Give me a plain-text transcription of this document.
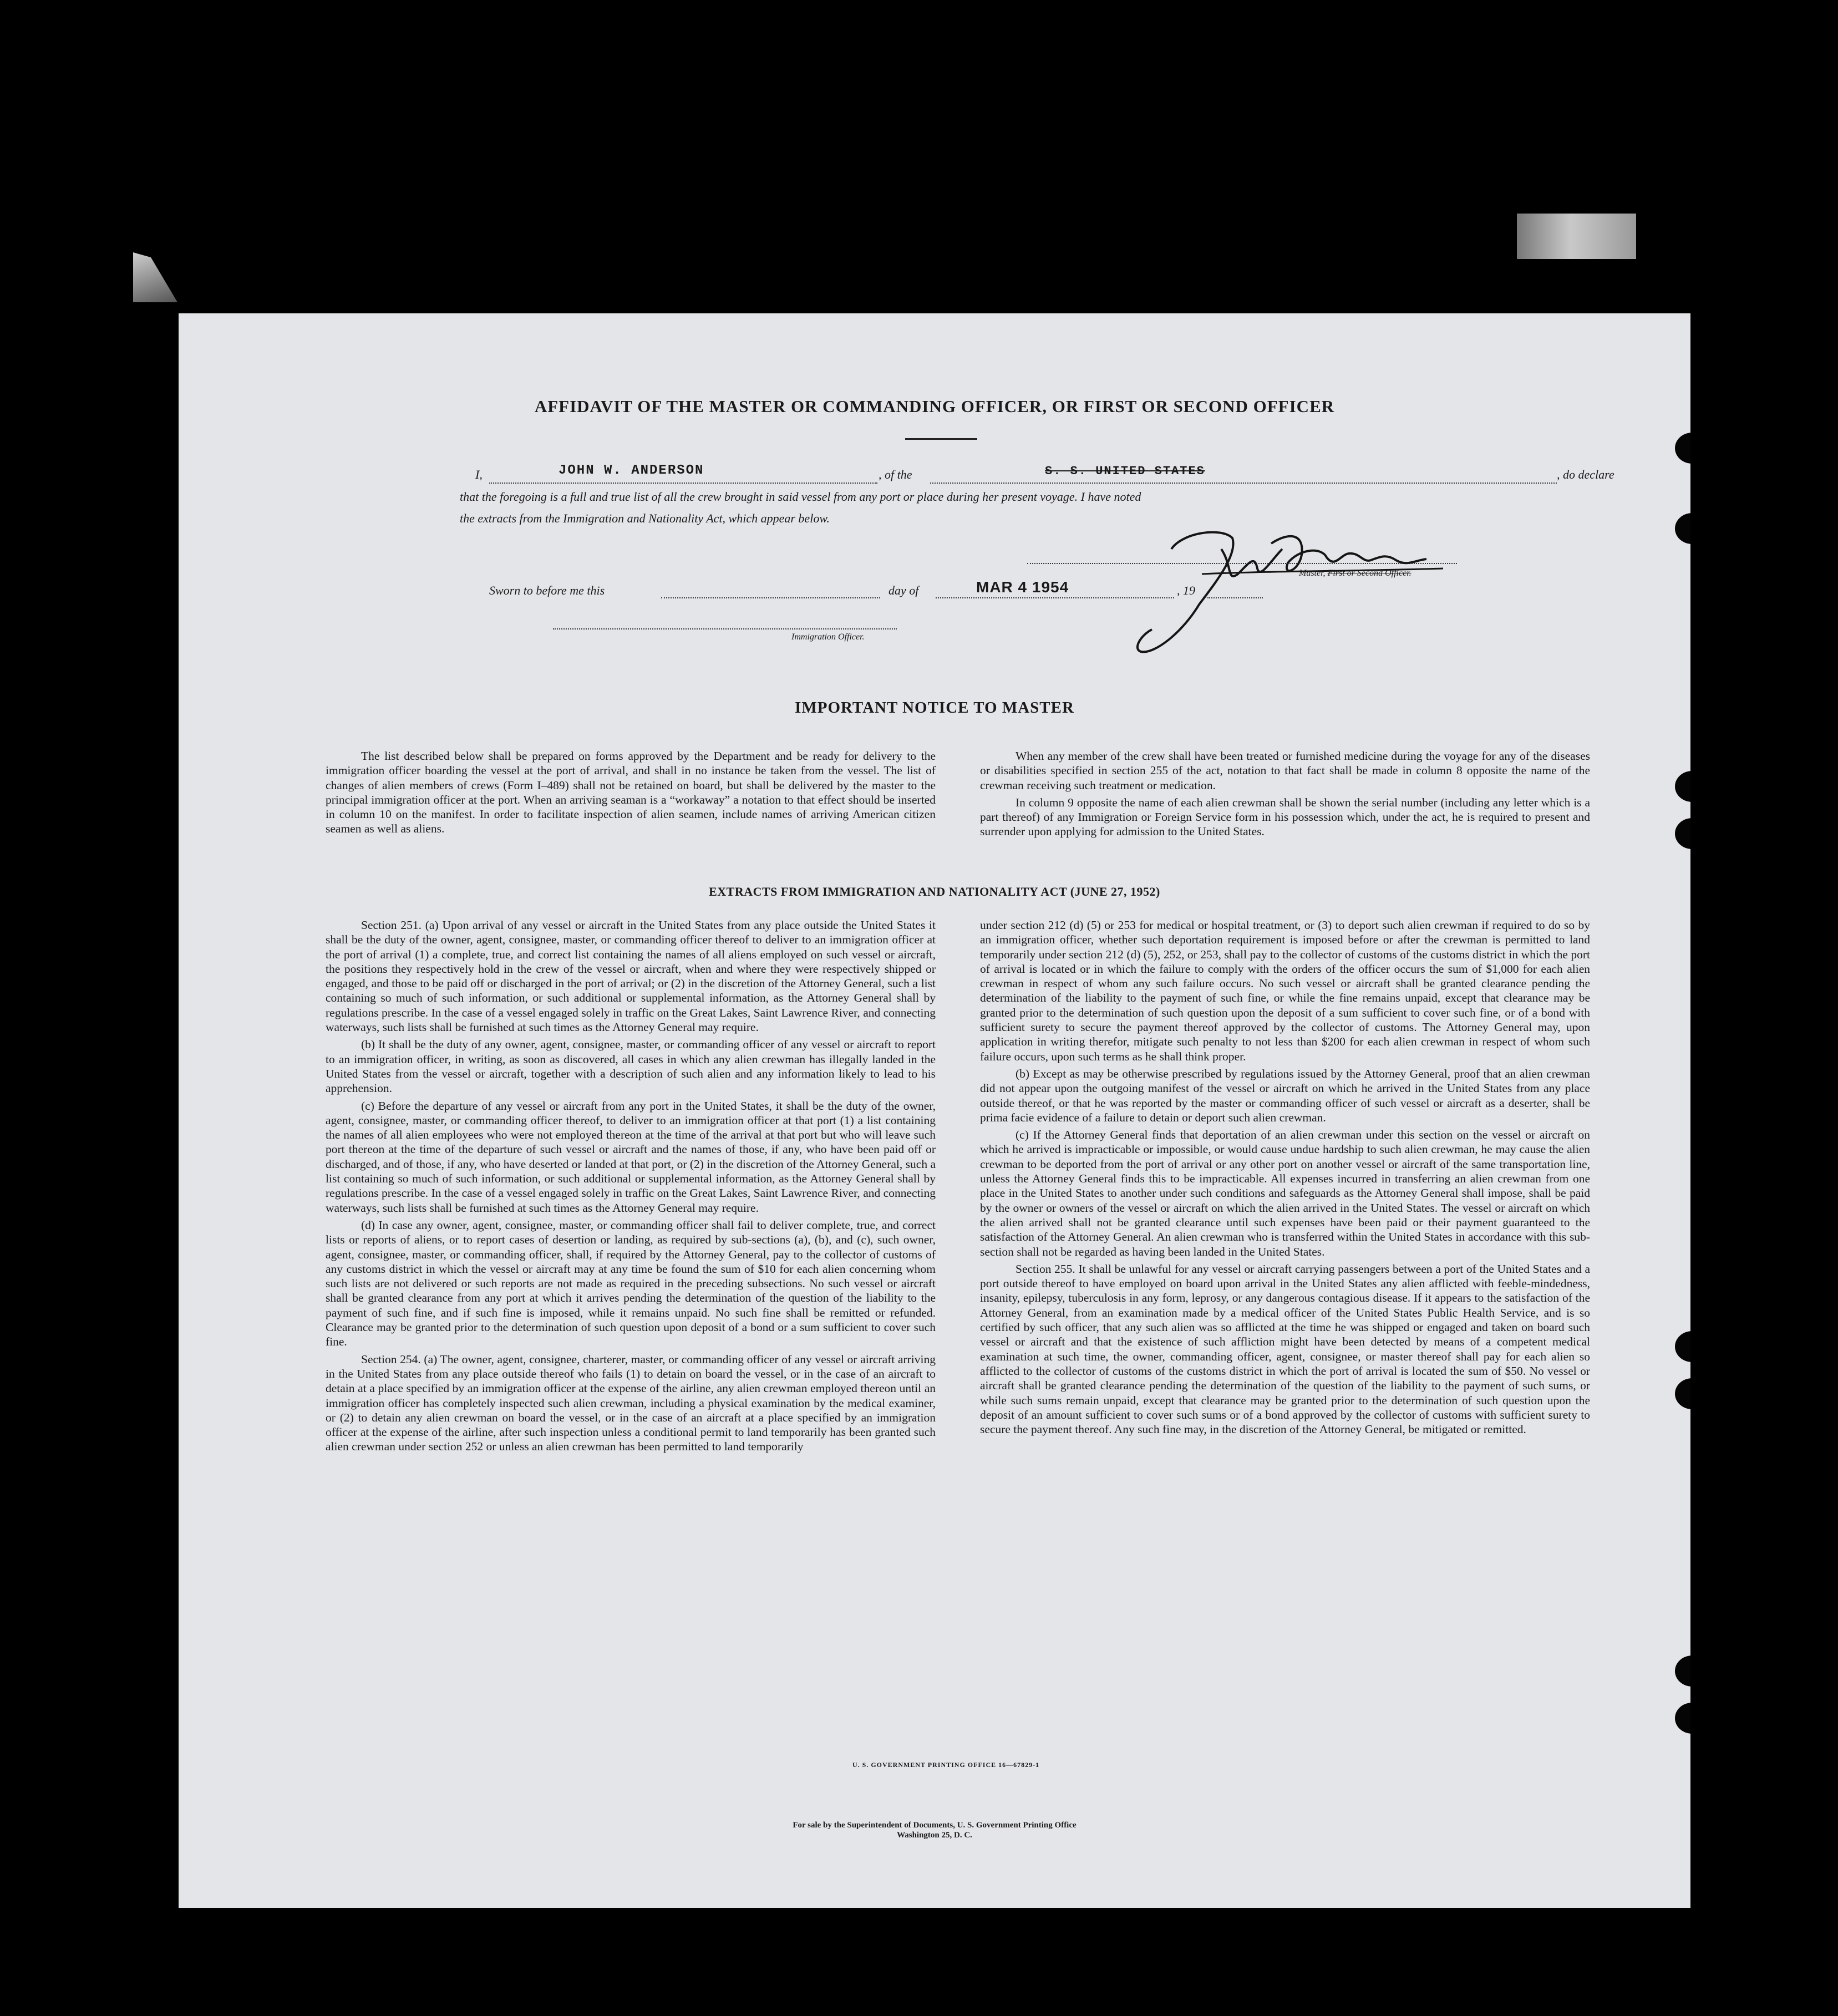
AFFIDAVIT OF THE MASTER OR COMMANDING OFFICER, OR FIRST OR SECOND OFFICER
I,	JOHN W. ANDERSON	, of the	S. S. UNITED STATES	, do declare
that the foregoing is a full and true list of all the crew brought in said vessel from any port or place during her present voyage. I have noted
the extracts from the Immigration and Nationality Act, which appear below.
Master, First or Second Officer.
Sworn to before me this	day of	MAR 4 1954	, 19
Immigration Officer.
IMPORTANT NOTICE TO MASTER

The list described below shall be prepared on forms approved by the Department and be ready for delivery to the immigration officer boarding the vessel at the port of arrival, and shall in no instance be taken from the vessel. The list of changes of alien members of crews (Form I–489) shall not be retained on board, but shall be delivered by the master to the principal immigration officer at the port. When an arriving seaman is a “workaway” a notation to that effect should be inserted in column 10 on the manifest. In order to facilitate inspection of alien seamen, include names of arriving American citizen seamen as well as aliens.

When any member of the crew shall have been treated or furnished medicine during the voyage for any of the diseases or disabilities specified in section 255 of the act, notation to that fact shall be made in column 8 opposite the name of the crewman receiving such treatment or medication.

In column 9 opposite the name of each alien crewman shall be shown the serial number (including any letter which is a part thereof) of any Immigration or Foreign Service form in his possession which, under the act, he is required to present and surrender upon applying for admission to the United States.

EXTRACTS FROM IMMIGRATION AND NATIONALITY ACT (JUNE 27, 1952)

Section 251. (a) Upon arrival of any vessel or aircraft in the United States from any place outside the United States it shall be the duty of the owner, agent, consignee, master, or commanding officer thereof to deliver to an immigration officer at the port of arrival (1) a complete, true, and correct list containing the names of all aliens employed on such vessel or aircraft, the positions they respectively hold in the crew of the vessel or aircraft, when and where they were respectively shipped or engaged, and those to be paid off or discharged in the port of arrival; or (2) in the discretion of the Attorney General, such a list containing so much of such information, or such additional or supplemental information, as the Attorney General shall by regulations prescribe. In the case of a vessel engaged solely in traffic on the Great Lakes, Saint Lawrence River, and connecting waterways, such lists shall be furnished at such times as the Attorney General may require.

(b) It shall be the duty of any owner, agent, consignee, master, or commanding officer of any vessel or aircraft to report to an immigration officer, in writing, as soon as discovered, all cases in which any alien crewman has illegally landed in the United States from the vessel or aircraft, together with a description of such alien and any information likely to lead to his apprehension.

(c) Before the departure of any vessel or aircraft from any port in the United States, it shall be the duty of the owner, agent, consignee, master, or commanding officer thereof, to deliver to an immigration officer at that port (1) a list containing the names of all alien employees who were not employed thereon at the time of the arrival at that port but who will leave such port thereon at the time of the departure of such vessel or aircraft and the names of those, if any, who have been paid off or discharged, and of those, if any, who have deserted or landed at that port, or (2) in the discretion of the Attorney General, such a list containing so much of such information, or such additional or supplemental information, as the Attorney General shall by regulations prescribe. In the case of a vessel engaged solely in traffic on the Great Lakes, Saint Lawrence River, and connecting waterways, such lists shall be furnished at such times as the Attorney General may require.

(d) In case any owner, agent, consignee, master, or commanding officer shall fail to deliver complete, true, and correct lists or reports of aliens, or to report cases of desertion or landing, as required by sub-sections (a), (b), and (c), such owner, agent, consignee, master, or commanding officer, shall, if required by the Attorney General, pay to the collector of customs of any customs district in which the vessel or aircraft may at any time be found the sum of $10 for each alien concerning whom such lists are not delivered or such reports are not made as required in the preceding subsections. No such vessel or aircraft shall be granted clearance from any port at which it arrives pending the determination of the question of the liability to the payment of such fine, and if such fine is imposed, while it remains unpaid. No such fine shall be remitted or refunded. Clearance may be granted prior to the determination of such question upon deposit of a bond or a sum sufficient to cover such fine.

Section 254. (a) The owner, agent, consignee, charterer, master, or commanding officer of any vessel or aircraft arriving in the United States from any place outside thereof who fails (1) to detain on board the vessel, or in the case of an aircraft to detain at a place specified by an immigration officer at the expense of the airline, any alien crewman employed thereon until an immigration officer has completely inspected such alien crewman, including a physical examination by the medical examiner, or (2) to detain any alien crewman on board the vessel, or in the case of an aircraft at a place specified by an immigration officer at the expense of the airline, after such inspection unless a conditional permit to land temporarily has been granted such alien crewman under section 252 or unless an alien crewman has been permitted to land temporarily

under section 212 (d) (5) or 253 for medical or hospital treatment, or (3) to deport such alien crewman if required to do so by an immigration officer, whether such deportation requirement is imposed before or after the crewman is permitted to land temporarily under section 212 (d) (5), 252, or 253, shall pay to the collector of customs of the customs district in which the port of arrival is located or in which the failure to comply with the orders of the officer occurs the sum of $1,000 for each alien crewman in respect of whom any such failure occurs. No such vessel or aircraft shall be granted clearance pending the determination of the liability to the payment of such fine, or while the fine remains unpaid, except that clearance may be granted prior to the determination of such question upon the deposit of a sum sufficient to cover such fine, or of a bond with sufficient surety to secure the payment thereof approved by the collector of customs. The Attorney General may, upon application in writing therefor, mitigate such penalty to not less than $200 for each alien crewman in respect of whom such failure occurs, upon such terms as he shall think proper.

(b) Except as may be otherwise prescribed by regulations issued by the Attorney General, proof that an alien crewman did not appear upon the outgoing manifest of the vessel or aircraft on which he arrived in the United States from any place outside thereof, or that he was reported by the master or commanding officer of such vessel or aircraft as a deserter, shall be prima facie evidence of a failure to detain or deport such alien crewman.

(c) If the Attorney General finds that deportation of an alien crewman under this section on the vessel or aircraft on which he arrived is impracticable or impossible, or would cause undue hardship to such alien crewman, he may cause the alien crewman to be deported from the port of arrival or any other port on another vessel or aircraft of the same transportation line, unless the Attorney General finds this to be impracticable. All expenses incurred in transferring an alien crewman from one place in the United States to another under such conditions and safeguards as the Attorney General shall impose, shall be paid by the owner or owners of the vessel or aircraft on which the alien arrived in the United States. The vessel or aircraft on which the alien arrived shall not be granted clearance until such expenses have been paid or their payment guaranteed to the satisfaction of the Attorney General. An alien crewman who is transferred within the United States in accordance with this sub-section shall not be regarded as having been landed in the United States.

Section 255. It shall be unlawful for any vessel or aircraft carrying passengers between a port of the United States and a port outside thereof to have employed on board upon arrival in the United States any alien afflicted with feeble-mindedness, insanity, epilepsy, tuberculosis in any form, leprosy, or any dangerous contagious disease. If it appears to the satisfaction of the Attorney General, from an examination made by a medical officer of the United States Public Health Service, and is so certified by such officer, that any such alien was so afflicted at the time he was shipped or engaged and taken on board such vessel or aircraft and that the existence of such affliction might have been detected by means of a competent medical examination at such time, the owner, commanding officer, agent, consignee, or master thereof shall pay for each alien so afflicted to the collector of customs of the customs district in which the port of arrival is located the sum of $50. No vessel or aircraft shall be granted clearance pending the determination of the question of the liability to the payment of such sums, or while such sums remain unpaid, except that clearance may be granted prior to the determination of such question upon the deposit of an amount sufficient to cover such sums or of a bond approved by the collector of customs with sufficient surety to secure the payment thereof. Any such fine may, in the discretion of the Attorney General, be mitigated or remitted.

U. S. GOVERNMENT PRINTING OFFICE 16—67829-1
For sale by the Superintendent of Documents, U. S. Government Printing Office
Washington 25, D. C.
